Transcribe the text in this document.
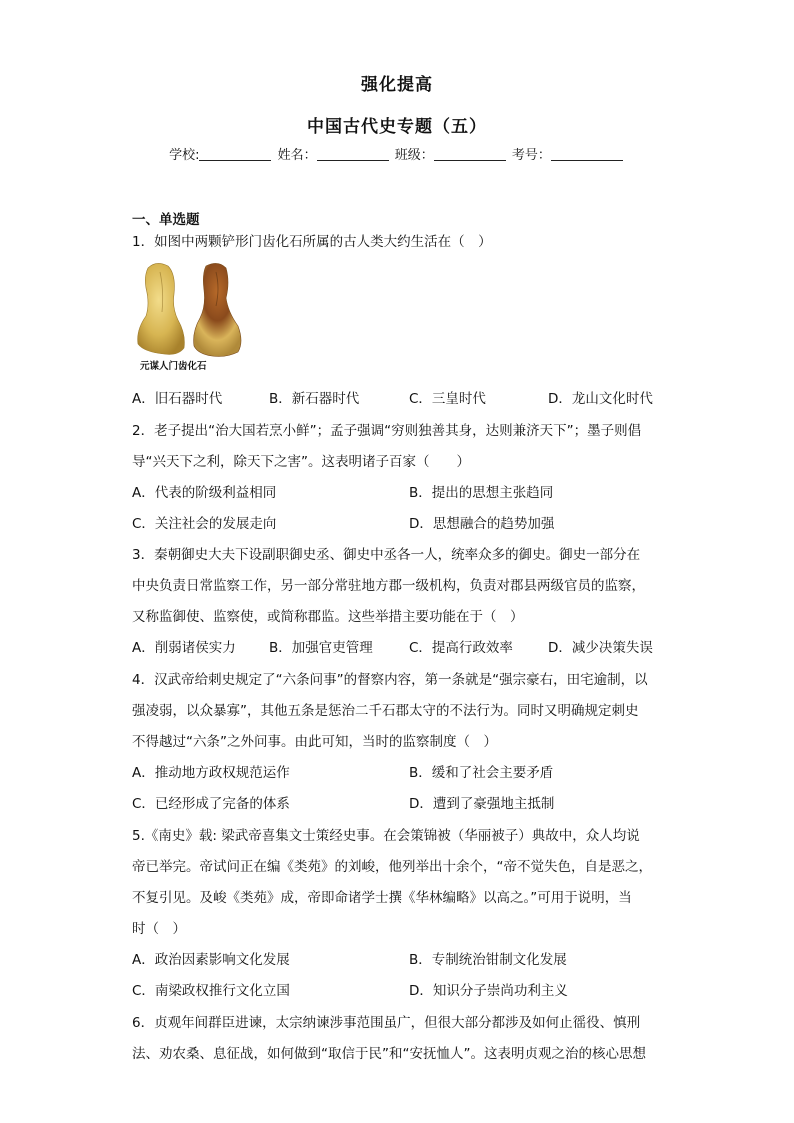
强化提高
中国古代史专题（五）
学校:	姓名：	班级：	考号：
一、单选题
1．如图中两颗铲形门齿化石所属的古人类大约生活在（　）
元谋人门齿化石
A．旧石器时代	B．新石器时代	C．三皇时代	D．龙山文化时代
2．老子提出“治大国若烹小鲜”；孟子强调“穷则独善其身，达则兼济天下”；墨子则倡
导“兴天下之利，除天下之害”。这表明诸子百家（　　）
A．代表的阶级利益相同	B．提出的思想主张趋同
C．关注社会的发展走向	D．思想融合的趋势加强
3．秦朝御史大夫下设副职御史丞、御史中丞各一人，统率众多的御史。御史一部分在
中央负责日常监察工作，另一部分常驻地方郡一级机构，负责对郡县两级官员的监察，
又称监御使、监察使，或简称郡监。这些举措主要功能在于（　）
A．削弱诸侯实力 B．加强官吏管理	C．提高行政效率	D．减少决策失误
4．汉武帝给刺史规定了“六条问事”的督察内容，第一条就是“强宗豪右，田宅逾制，以
强凌弱，以众暴寡”，其他五条是惩治二千石郡太守的不法行为。同时又明确规定刺史
不得越过“六条”之外问事。由此可知，当时的监察制度（　）
A．推动地方政权规范运作	B．缓和了社会主要矛盾
C．已经形成了完备的体系	D．遭到了豪强地主抵制
5.《南史》载: 梁武帝喜集文士策经史事。在会策锦被（华丽被子）典故中，众人均说
帝已举完。帝试问正在编《类苑》的刘峻，他列举出十余个，“帝不觉失色，自是恶之，
不复引见。及峻《类苑》成，帝即命诸学士撰《华林编略》以高之。”可用于说明，当
时（　）
A．政治因素影响文化发展	B．专制统治钳制文化发展
C．南梁政权推行文化立国	D．知识分子崇尚功利主义
6．贞观年间群臣进谏，太宗纳谏涉事范围虽广，但很大部分都涉及如何止徭役、慎刑
法、劝农桑、息征战，如何做到“取信于民”和“安抚恤人”。这表明贞观之治的核心思想
